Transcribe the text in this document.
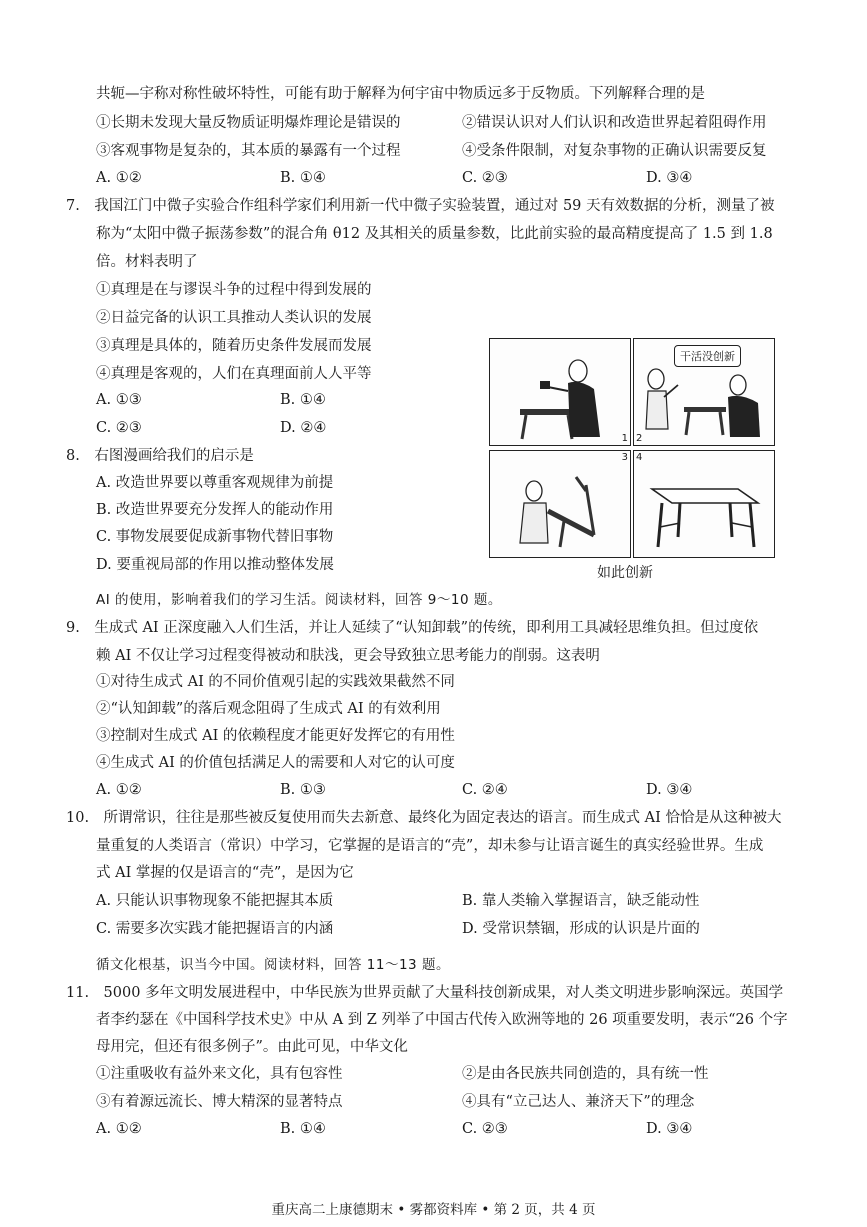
共轭—宇称对称性破坏特性，可能有助于解释为何宇宙中物质远多于反物质。下列解释合理的是
①长期未发现大量反物质证明爆炸理论是错误的	②错误认识对人们认识和改造世界起着阻碍作用
③客观事物是复杂的，其本质的暴露有一个过程	④受条件限制，对复杂事物的正确认识需要反复
A. ①②	B. ①④	C. ②③	D. ③④
7.　我国江门中微子实验合作组科学家们利用新一代中微子实验装置，通过对 59 天有效数据的分析，测量了被
称为“太阳中微子振荡参数”的混合角 θ12 及其相关的质量参数，比此前实验的最高精度提高了 1.5 到 1.8
倍。材料表明了
①真理是在与谬误斗争的过程中得到发展的
②日益完备的认识工具推动人类认识的发展
③真理是具体的，随着历史条件发展而发展
④真理是客观的，人们在真理面前人人平等
A. ①③	B. ①④
C. ②③	D. ②④
8.　右图漫画给我们的启示是
A. 改造世界要以尊重客观规律为前提
B. 改造世界要充分发挥人的能动作用
C. 事物发展要促成新事物代替旧事物
D. 要重视局部的作用以推动整体发展
1
干活没创新
2
3 4
如此创新
AI 的使用，影响着我们的学习生活。阅读材料，回答 9～10 题。
9.　生成式 AI 正深度融入人们生活，并让人延续了“认知卸载”的传统，即利用工具减轻思维负担。但过度依
赖 AI 不仅让学习过程变得被动和肤浅，更会导致独立思考能力的削弱。这表明
①对待生成式 AI 的不同价值观引起的实践效果截然不同
②“认知卸载”的落后观念阻碍了生成式 AI 的有效利用
③控制对生成式 AI 的依赖程度才能更好发挥它的有用性
④生成式 AI 的价值包括满足人的需要和人对它的认可度
A. ①②	B. ①③	C. ②④	D. ③④
10.　所谓常识，往往是那些被反复使用而失去新意、最终化为固定表达的语言。而生成式 AI 恰恰是从这种被大
量重复的人类语言（常识）中学习，它掌握的是语言的“壳”，却未参与让语言诞生的真实经验世界。生成
式 AI 掌握的仅是语言的“壳”，是因为它
A. 只能认识事物现象不能把握其本质	B. 靠人类输入掌握语言，缺乏能动性
C. 需要多次实践才能把握语言的内涵	D. 受常识禁锢，形成的认识是片面的
循文化根基，识当今中国。阅读材料，回答 11～13 题。
11.　5000 多年文明发展进程中，中华民族为世界贡献了大量科技创新成果，对人类文明进步影响深远。英国学
者李约瑟在《中国科学技术史》中从 A 到 Z 列举了中国古代传入欧洲等地的 26 项重要发明，表示“26 个字
母用完，但还有很多例子”。由此可见，中华文化
①注重吸收有益外来文化，具有包容性	②是由各民族共同创造的，具有统一性
③有着源远流长、博大精深的显著特点	④具有“立己达人、兼济天下”的理念
A. ①②	B. ①④	C. ②③	D. ③④
重庆高二上康德期末 • 雾都资料库 • 第 2 页，共 4 页
